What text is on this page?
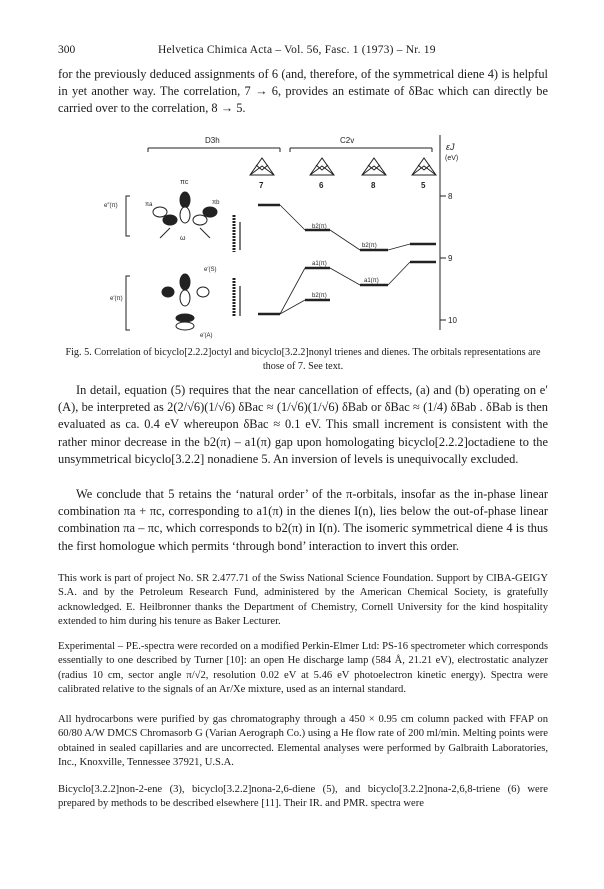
300	Helvetica Chimica Acta – Vol. 56, Fasc. 1 (1973) – Nr. 19
for the previously deduced assignments of 6 (and, therefore, of the symmetrical diene 4) is helpful in yet another way. The correlation, 7 → 6, provides an estimate of δBac which can directly be carried over to the correlation, 8 → 5.
D3h	C2v
εJ
(eV)
8
9
10
7	6	8	5
πc
πa	πb
ω
e″(π)
e′(S)
e′(π)
e′(A)
b2(π)
b2(π)
a1(π)
a1(π)
b2(π)
Fig. 5. Correlation of bicyclo[2.2.2]octyl and bicyclo[3.2.2]nonyl trienes and dienes. The orbitals representations are those of 7. See text.
In detail, equation (5) requires that the near cancellation of effects, (a) and (b) operating on e′(A), be interpreted as 2(2/√6)(1/√6) δBac ≈ (1/√6)(1/√6) δBab or δBac ≈ (1/4) δBab . δBab is then evaluated as ca. 0.4 eV whereupon δBac ≈ 0.1 eV. This small increment is consistent with the rather minor decrease in the b2(π) – a1(π) gap upon homologating bicyclo[2.2.2]octadiene to the unsymmetrical bicyclo[3.2.2] nonadiene 5. An inversion of levels is unequivocally excluded.
We conclude that 5 retains the ‘natural order’ of the π-orbitals, insofar as the in-phase linear combination πa + πc, corresponding to a1(π) in the dienes I(n), lies below the out-of-phase linear combination πa – πc, which corresponds to b2(π) in I(n). The isomeric symmetrical diene 4 is thus the first homologue which permits ‘through bond’ interaction to invert this order.
This work is part of project No. SR 2.477.71 of the Swiss National Science Foundation. Support by CIBA-GEIGY S.A. and by the Petroleum Research Fund, administered by the American Chemical Society, is gratefully acknowledged. E. Heilbronner thanks the Department of Chemistry, Cornell University for the kind hospitality extended to him during his tenure as Baker Lecturer.
Experimental – PE.-spectra were recorded on a modified Perkin-Elmer Ltd: PS-16 spectrometer which corresponds essentially to one described by Turner [10]: an open He discharge lamp (584 Å, 21.21 eV), electrostatic analyzer (radius 10 cm, sector angle π/√2, resolution 0.02 eV at 5.46 eV photoelectron kinetic energy). Spectra were calibrated relative to the signals of an Ar/Xe mixture, used as an internal standard.
All hydrocarbons were purified by gas chromatography through a 450 × 0.95 cm column packed with FFAP on 60/80 A/W DMCS Chromasorb G (Varian Aerograph Co.) using a He flow rate of 200 ml/min. Melting points were obtained in sealed capillaries and are uncorrected. Elemental analyses were performed by Galbraith Laboratories, Inc., Knoxville, Tennessee 37921, U.S.A.
Bicyclo[3.2.2]non-2-ene (3), bicyclo[3.2.2]nona-2,6-diene (5), and bicyclo[3.2.2]nona-2,6,8-triene (6) were prepared by methods to be described elsewhere [11]. Their IR. and PMR. spectra were
